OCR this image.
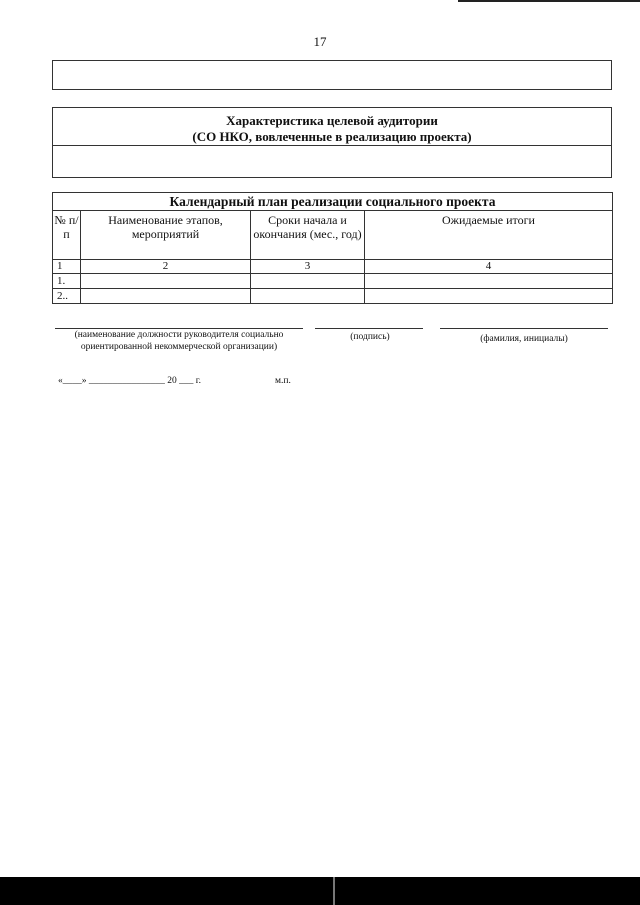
17
Характеристика целевой аудитории
(СО НКО, вовлеченные в реализацию проекта)
Календарный план реализации социального проекта			
№ п/п	Наименование этапов, мероприятий	Сроки начала и окончания (мес., год)	Ожидаемые итоги
1	2	3	4
1.			
2..			
(наименование должности руководителя социально ориентированной некоммерческой организации)
(подпись)	(фамилия, инициалы)
«____» ________________ 20 ___ г.	м.п.
